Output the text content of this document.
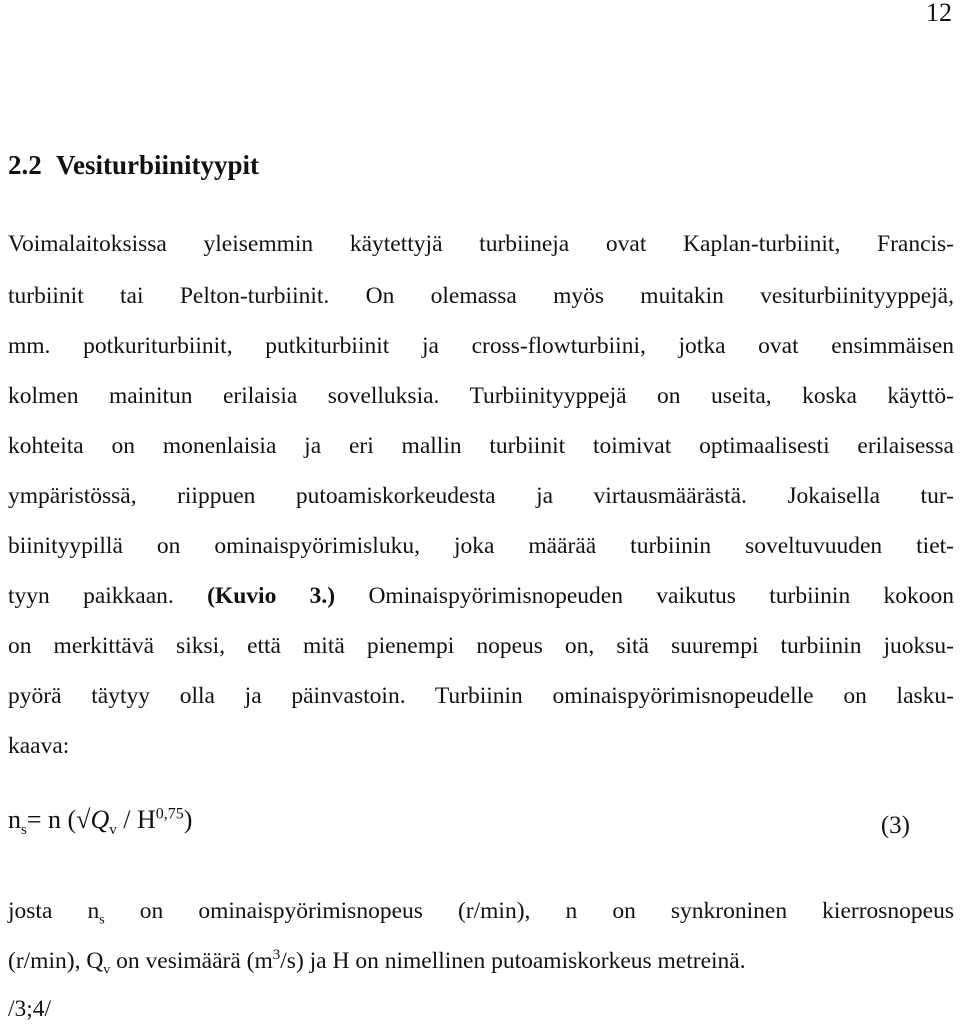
12
2.2 Vesiturbiinityypit
Voimalaitoksissa yleisemmin käytettyjä turbiineja ovat Kaplan-turbiinit, Francis-
turbiinit tai Pelton-turbiinit. On olemassa myös muitakin vesiturbiinityyppejä,
mm. potkuriturbiinit, putkiturbiinit ja cross-flowturbiini, jotka ovat ensimmäisen
kolmen mainitun erilaisia sovelluksia. Turbiinityyppejä on useita, koska käyttö-
kohteita on monenlaisia ja eri mallin turbiinit toimivat optimaalisesti erilaisessa
ympäristössä, riippuen putoamiskorkeudesta ja virtausmäärästä. Jokaisella tur-
biinityypillä on ominaispyörimisluku, joka määrää turbiinin soveltuvuuden tiet-
tyyn paikkaan. (Kuvio 3.) Ominaispyörimisnopeuden vaikutus turbiinin kokoon
on merkittävä siksi, että mitä pienempi nopeus on, sitä suurempi turbiinin juoksu-
pyörä täytyy olla ja päinvastoin. Turbiinin ominaispyörimisnopeudelle on lasku-
kaava:
$n_s= n$ $(√Q_v / H^{0,75})$	(3)
josta $n_s$ on ominaispyörimisnopeus (r/min), n on synkroninen kierrosnopeus
(r/min), $Q_v$ on vesimäärä $(m^3/s)$ ja H on nimellinen putoamiskorkeus metreinä.
/3;4/
